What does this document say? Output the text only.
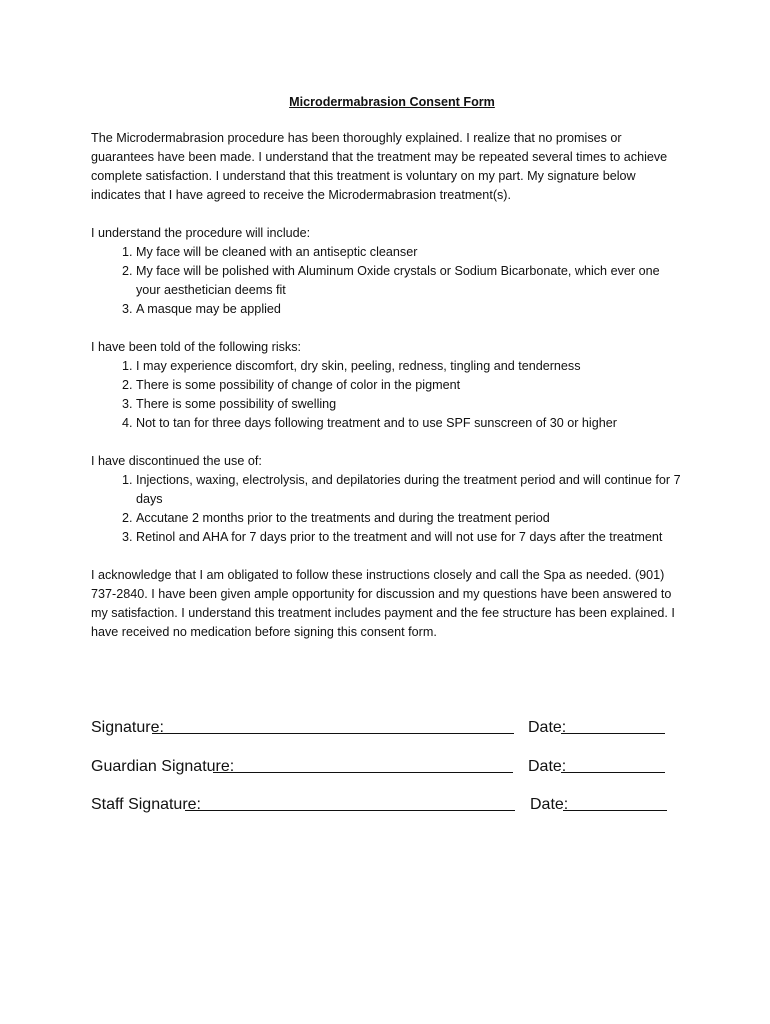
Microdermabrasion Consent Form
The Microdermabrasion procedure has been thoroughly explained. I realize that no promises or guarantees have been made. I understand that the treatment may be repeated several times to achieve complete satisfaction. I understand that this treatment is voluntary on my part. My signature below indicates that I have agreed to receive the Microdermabrasion treatment(s).
I understand the procedure will include:
1. My face will be cleaned with an antiseptic cleanser
2. My face will be polished with Aluminum Oxide crystals or Sodium Bicarbonate, which ever one your aesthetician deems fit
3. A masque may be applied
I have been told of the following risks:
1. I may experience discomfort, dry skin, peeling, redness, tingling and tenderness
2. There is some possibility of change of color in the pigment
3. There is some possibility of swelling
4. Not to tan for three days following treatment and to use SPF sunscreen of 30 or higher
I have discontinued the use of:
1. Injections, waxing, electrolysis, and depilatories during the treatment period and will continue for 7 days
2. Accutane 2 months prior to the treatments and during the treatment period
3. Retinol and AHA for 7 days prior to the treatment and will not use for 7 days after the treatment
I acknowledge that I am obligated to follow these instructions closely and call the Spa as needed. (901) 737-2840. I have been given ample opportunity for discussion and my questions have been answered to my satisfaction. I understand this treatment includes payment and the fee structure has been explained. I have received no medication before signing this consent form.
Signature:	Date:
Guardian Signature:	Date:
Staff Signature:	Date:
